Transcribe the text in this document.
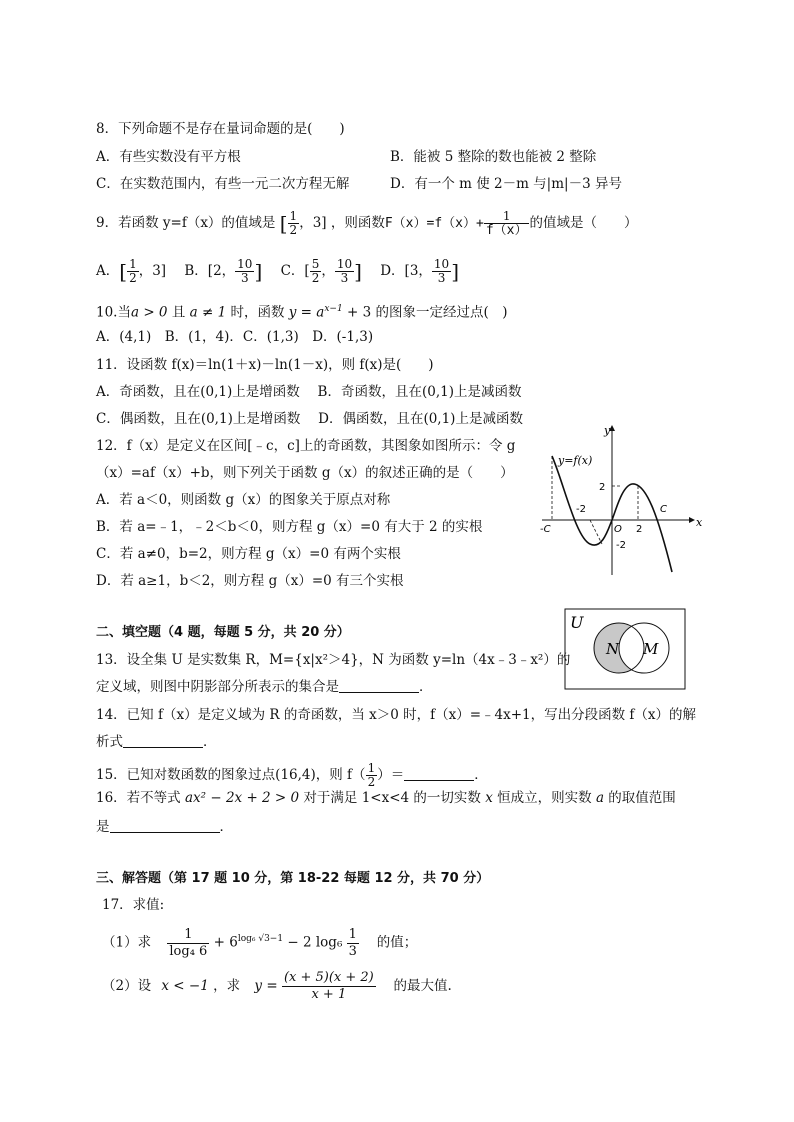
8．下列命题不是存在量词命题的是(　　)
A．有些实数没有平方根	B．能被 5 整除的数也能被 2 整除
C．在实数范围内，有些一元二次方程无解	D．有一个 m 使 2－m 与|m|－3 异号
9．若函数 y=f（x）的值域是 [ $\frac{1}{2}$ ，3] ，则函数$F(x)=f(x)+ \frac{1}{f(x)}$ 的值域是（　　）
A．[ $\frac{1}{2}$ ，3] B．[2， $\frac{10}{3}$ ] C．[ $\frac{5}{2}$ ， $\frac{10}{3}$ ] D．[3， $\frac{10}{3}$ ]
10.当a > 0 且 a ≠ 1 时，函数 $y = a^{x-1} + 3$ 的图象一定经过点(　)
A．(4,1)　B．(1，4)．C．(1,3)　D．(-1,3)
11．设函数 f(x)＝ln(1＋x)－ln(1－x)，则 f(x)是(　　)
A．奇函数，且在(0,1)上是增函数　 B．奇函数，且在(0,1)上是减函数
C．偶函数，且在(0,1)上是增函数　 D．偶函数，且在(0,1)上是减函数
12．f（x）是定义在区间[﹣c，c]上的奇函数，其图象如图所示：令 g
（x）=af（x）+b，则下列关于函数 g（x）的叙述正确的是（　　）
A．若 a＜0，则函数 g（x）的图象关于原点对称
B．若 a=﹣1，﹣2＜b＜0，则方程 g（x）=0 有大于 2 的实根
C．若 a≠0，b=2，则方程 g（x）=0 有两个实根
D．若 a≥1，b＜2，则方程 g（x）=0 有三个实根
y
x
y=f(x)
-C
-2
O 2
C
2
-2
二、填空题（4 题，每题 5 分，共 20 分）
U
N M
13．设全集 U 是实数集 R，M={x|x²＞4}，N 为函数 y=ln（4x﹣3﹣x²）的
定义域，则图中阴影部分所表示的集合是	．
14．已知 f（x）是定义域为 R 的奇函数，当 x＞0 时，f（x）=﹣4x+1，写出分段函数 f（x）的解
析式	．
15．已知对数函数的图象过点(16,4)，则 $f( \frac{1}{2}$ ）＝	．
16．若不等式 ax² − 2x + 2 > 0 对于满足 1<x<4 的一切实数 x 恒成立，则实数 a 的取值范围
是	．
三、解答题（第 17 题 10 分，第 18-22 每题 12 分，共 70 分）
17．求值:
（1）求 $\frac{1}{\text{log₄ 6}} + 6^{log_6 √3-1} - 2$ $\log_6 \frac{1}{3}$ 　的值；
（2）设 x < −1 ，求 $y = \frac{(x + 5)(x + 2)}{x + 1}$ 　的最大值.
